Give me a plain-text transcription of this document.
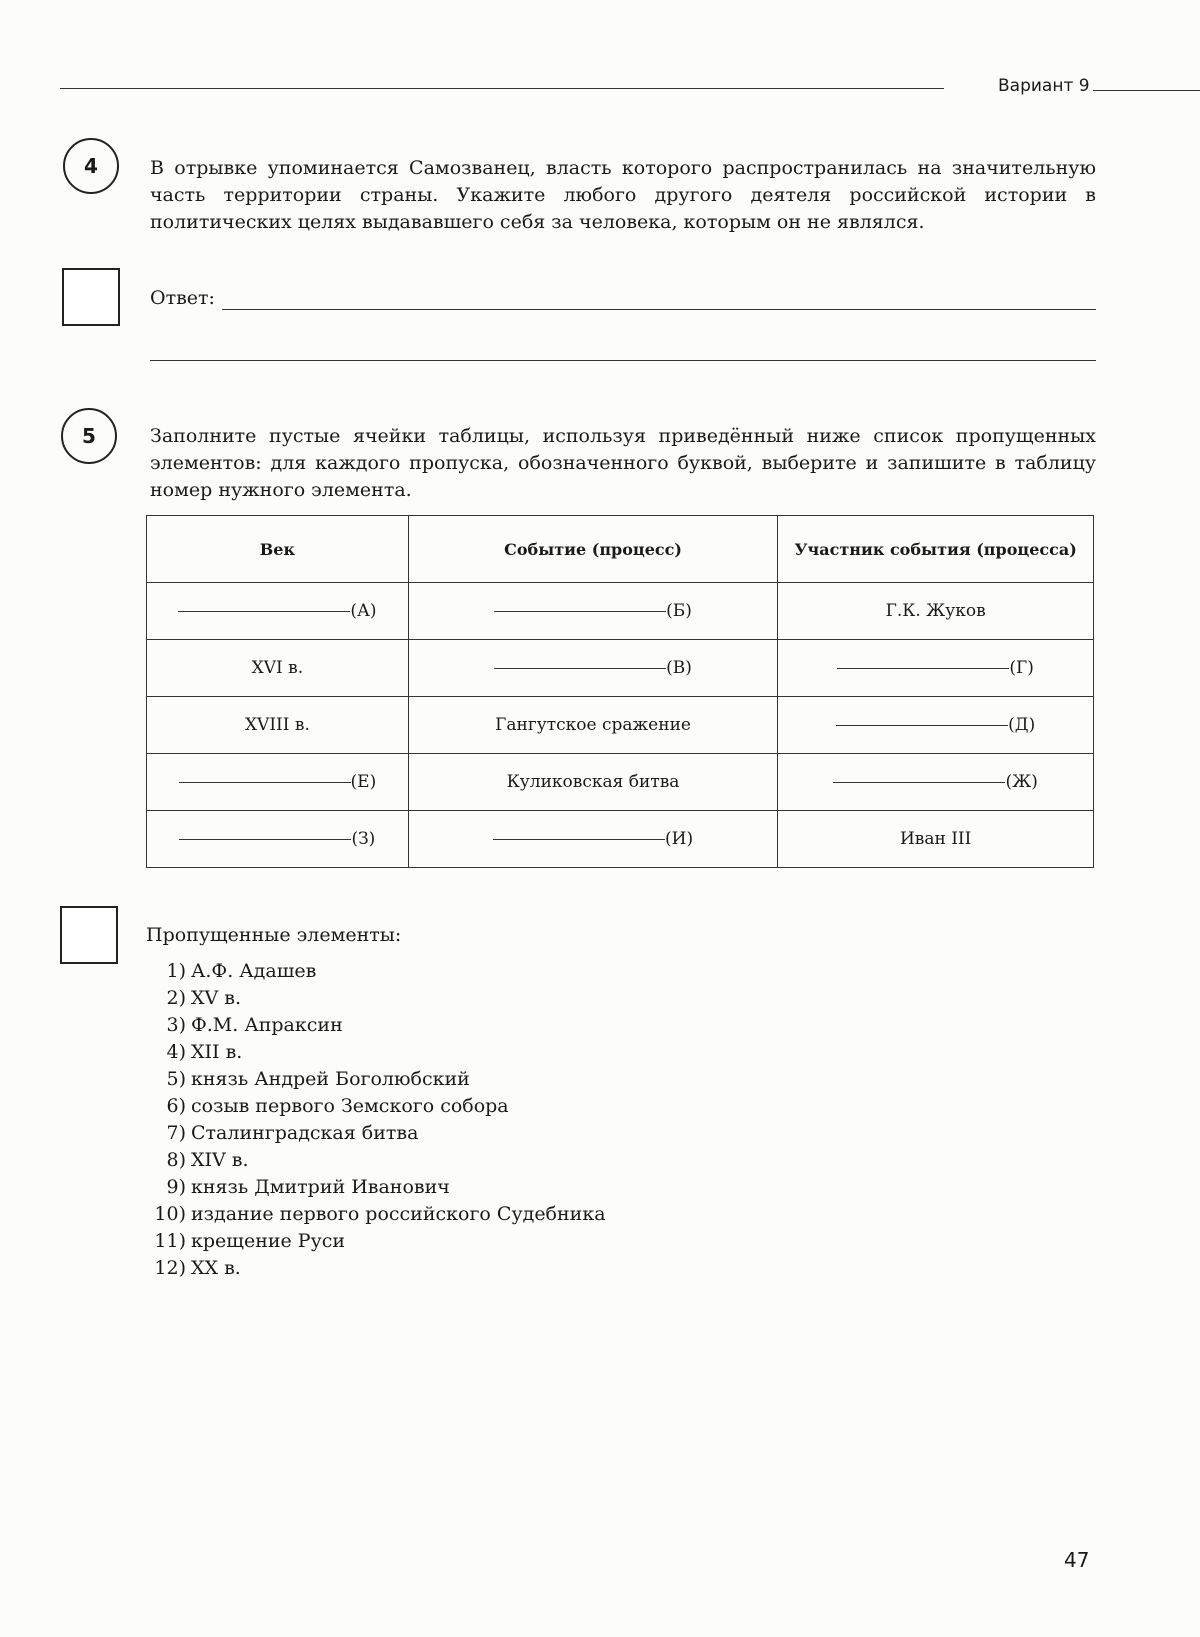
Вариант 9
4	В отрывке упоминается Самозванец, власть которого распространилась на значительную часть территории страны. Укажите любого другого деятеля российской истории в политических целях выдававшего себя за человека, которым он не являлся.
Ответ:
5	Заполните пустые ячейки таблицы, используя приведённый ниже список пропущенных элементов: для каждого пропуска, обозначенного буквой, выберите и запишите в таблицу номер нужного элемента.
Век	Событие (процесс)	Участник события (процесса)
(А)	(Б)	Г.К. Жуков
XVI в.	(В)	(Г)
XVIII в.	Гангутское сражение	(Д)
(Е)	Куликовская битва	(Ж)
(З)	(И)	Иван III
Пропущенные элементы:
1) А.Ф. Адашев
2) XV в.
3) Ф.М. Апраксин
4) XII в.
5) князь Андрей Боголюбский
6) созыв первого Земского собора
7) Сталинградская битва
8) XIV в.
9) князь Дмитрий Иванович
10) издание первого российского Судебника
11) крещение Руси
12) XX в.
47
